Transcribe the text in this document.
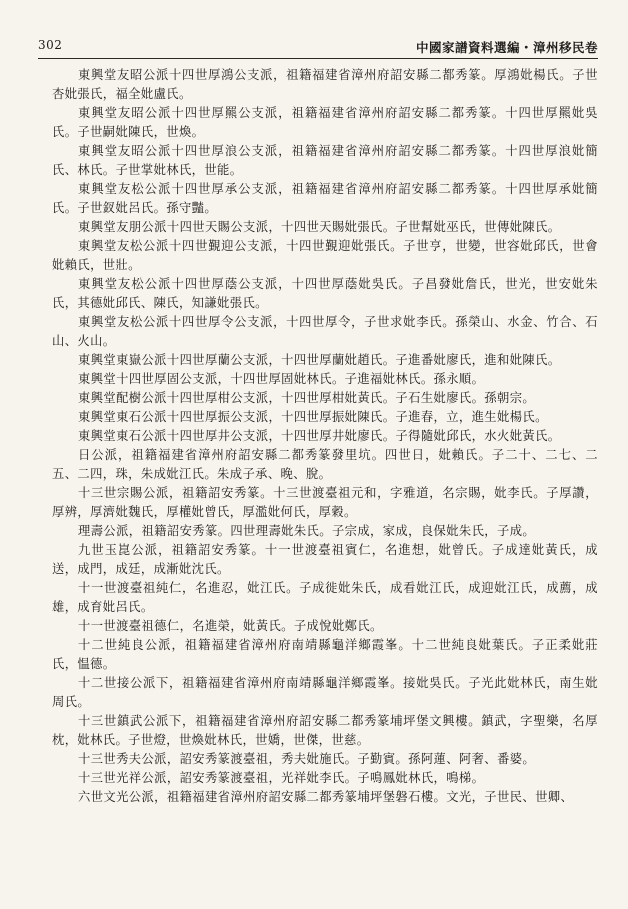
302	中國家譜資料選編・漳州移民卷

東興堂友昭公派十四世厚鴻公支派，祖籍福建省漳州府詔安縣二都秀篆。厚鴻妣楊氏。子世杏妣張氏，福全妣盧氏。

東興堂友昭公派十四世厚羆公支派，祖籍福建省漳州府詔安縣二都秀篆。十四世厚羆妣吳氏。子世嗣妣陳氏，世煥。

東興堂友昭公派十四世厚浪公支派，祖籍福建省漳州府詔安縣二都秀篆。十四世厚浪妣簡氏、林氏。子世掌妣林氏，世能。

東興堂友松公派十四世厚承公支派，祖籍福建省漳州府詔安縣二都秀篆。十四世厚承妣簡氏。子世釵妣呂氏。孫守豔。

東興堂友朋公派十四世天賜公支派，十四世天賜妣張氏。子世幫妣巫氏，世傳妣陳氏。

東興堂友松公派十四世覲迎公支派，十四世覲迎妣張氏。子世亨，世變，世容妣邱氏，世會妣賴氏，世壯。

東興堂友松公派十四世厚蔭公支派，十四世厚蔭妣吳氏。子昌發妣詹氏，世光，世安妣朱氏，其德妣邱氏、陳氏，知謙妣張氏。

東興堂友松公派十四世厚令公支派，十四世厚令，子世求妣李氏。孫榮山、水金、竹合、石山、火山。

東興堂東嶽公派十四世厚蘭公支派，十四世厚蘭妣趙氏。子進番妣廖氏，進和妣陳氏。

東興堂十四世厚固公支派，十四世厚固妣林氏。子進福妣林氏。孫永順。

東興堂配樹公派十四世厚柑公支派，十四世厚柑妣黃氏。子石生妣廖氏。孫朝宗。

東興堂東石公派十四世厚振公支派，十四世厚振妣陳氏。子進春，立，進生妣楊氏。

東興堂東石公派十四世厚井公支派，十四世厚井妣廖氏。子得隨妣邱氏，水火妣黃氏。

日公派，祖籍福建省漳州府詔安縣二都秀篆發里坑。四世日，妣賴氏。子二十、二七、二五、二四，珠，朱成妣江氏。朱成子承、晚、脫。

十三世宗賜公派，祖籍詔安秀篆。十三世渡臺祖元和，字雅道，名宗賜，妣李氏。子厚讚，厚辨，厚濟妣魏氏，厚權妣曾氏，厚濫妣何氏，厚穀。

理壽公派，祖籍詔安秀篆。四世理壽妣朱氏。子宗成，家成，良保妣朱氏，子成。

九世玉崑公派，祖籍詔安秀篆。十一世渡臺祖賓仁，名進想，妣曾氏。子成達妣黃氏，成送，成門，成廷，成漸妣沈氏。

十一世渡臺祖純仁，名進忍，妣江氏。子成徙妣朱氏，成看妣江氏，成迎妣江氏，成薦，成雄，成育妣呂氏。

十一世渡臺祖德仁，名進榮，妣黃氏。子成悅妣鄭氏。

十二世純良公派，祖籍福建省漳州府南靖縣龜洋鄉霞峯。十二世純良妣葉氏。子正柔妣莊氏，愠德。

十二世接公派下，祖籍福建省漳州府南靖縣龜洋鄉霞峯。接妣吳氏。子光此妣林氏，南生妣周氏。

十三世鎮武公派下，祖籍福建省漳州府詔安縣二都秀篆埔坪堡文興樓。鎮武，字聖樂，名厚枕，妣林氏。子世燈，世煥妣林氏，世嬌，世傑，世慈。

十三世秀夫公派，詔安秀篆渡臺祖，秀夫妣施氏。子勤賓。孫阿蓮、阿奢、番婆。

十三世光祥公派，詔安秀篆渡臺祖，光祥妣李氏。子鳴鳳妣林氏，鳴梯。

六世文光公派，祖籍福建省漳州府詔安縣二都秀篆埔坪堡磐石樓。文光，子世民、世卿、
